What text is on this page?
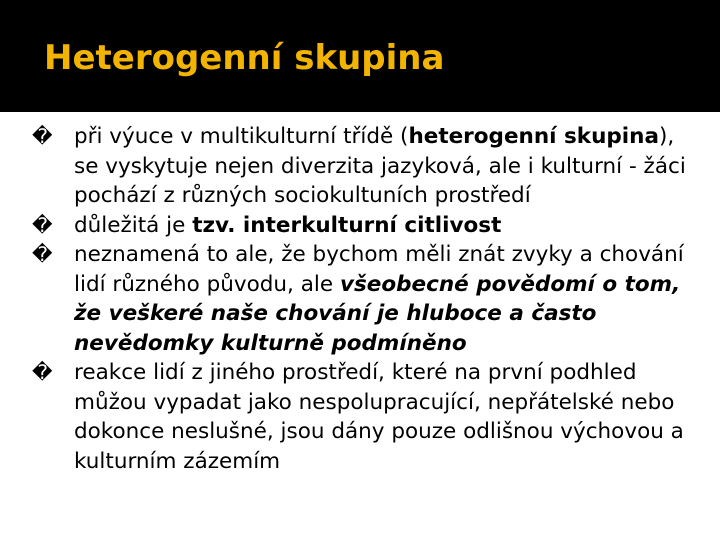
Heterogenní skupina

� při výuce v multikulturní třídě (heterogenní skupina), se vyskytuje nejen diverzita jazyková, ale i kulturní - žáci pochází z různých sociokultuních prostředí

� důležitá je tzv. interkulturní citlivost

� neznamená to ale, že bychom měli znát zvyky a chování lidí různého původu, ale všeobecné povědomí o tom, že veškeré naše chování je hluboce a často nevědomky kulturně podmíněno

� reakce lidí z jiného prostředí, které na první podhled můžou vypadat jako nespolupracující, nepřátelské nebo dokonce neslušné, jsou dány pouze odlišnou výchovou a kulturním zázemím
